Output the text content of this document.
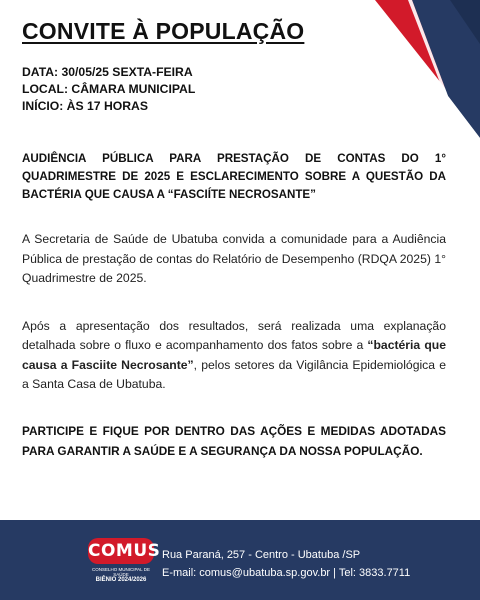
CONVITE À POPULAÇÃO
DATA: 30/05/25 SEXTA-FEIRA
LOCAL: CÂMARA MUNICIPAL
INÍCIO: ÀS 17 HORAS

AUDIÊNCIA PÚBLICA PARA PRESTAÇÃO DE CONTAS DO 1° QUADRIMESTRE DE 2025 E ESCLARECIMENTO SOBRE A QUESTÃO DA BACTÉRIA QUE CAUSA A “FASCIÍTE NECROSANTE”

A Secretaria de Saúde de Ubatuba convida a comunidade para a Audiência Pública de prestação de contas do Relatório de Desempenho (RDQA 2025) 1° Quadrimestre de 2025.

Após a apresentação dos resultados, será realizada uma explanação detalhada sobre o fluxo e acompanhamento dos fatos sobre a “bactéria que causa a Fasciite Necrosante”, pelos setores da Vigilância Epidemiológica e a Santa Casa de Ubatuba.

PARTICIPE E FIQUE POR DENTRO DAS AÇÕES E MEDIDAS ADOTADAS PARA GARANTIR A SAÚDE E A SEGURANÇA DA NOSSA POPULAÇÃO.

COMUS
CONSELHO MUNICIPAL DE SAÚDE
BIÊNIO 2024/2026
Rua Paraná, 257 - Centro - Ubatuba /SP
E-mail: comus@ubatuba.sp.gov.br | Tel: 3833.7711
